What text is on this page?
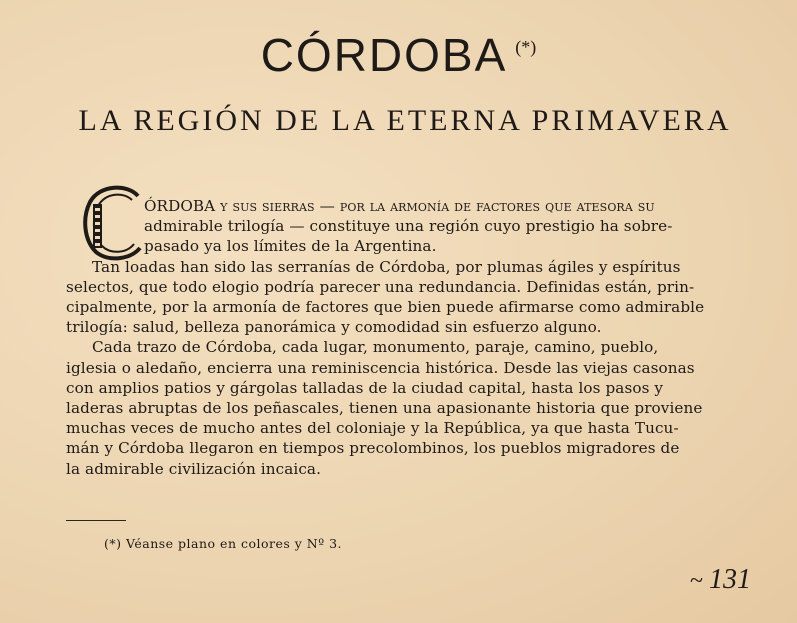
CÓRDOBA (*)
LA REGIÓN DE LA ETERNA PRIMAVERA
C
ÓRDOBA y sus sierras — por la armonía de factores que atesora su
admirable trilogía — constituye una región cuyo prestigio ha sobre-
pasado ya los límites de la Argentina.
Tan loadas han sido las serranías de Córdoba, por plumas ágiles y espíritus
selectos, que todo elogio podría parecer una redundancia. Definidas están, prin-
cipalmente, por la armonía de factores que bien puede afirmarse como admirable
trilogía: salud, belleza panorámica y comodidad sin esfuerzo alguno.
Cada trazo de Córdoba, cada lugar, monumento, paraje, camino, pueblo,
iglesia o aledaño, encierra una reminiscencia histórica. Desde las viejas casonas
con amplios patios y gárgolas talladas de la ciudad capital, hasta los pasos y
laderas abruptas de los peñascales, tienen una apasionante historia que proviene
muchas veces de mucho antes del coloniaje y la República, ya que hasta Tucu-
mán y Córdoba llegaron en tiempos precolombinos, los pueblos migradores de
la admirable civilización incaica.
(*) Véanse plano en colores y Nº 3.
~ 131
